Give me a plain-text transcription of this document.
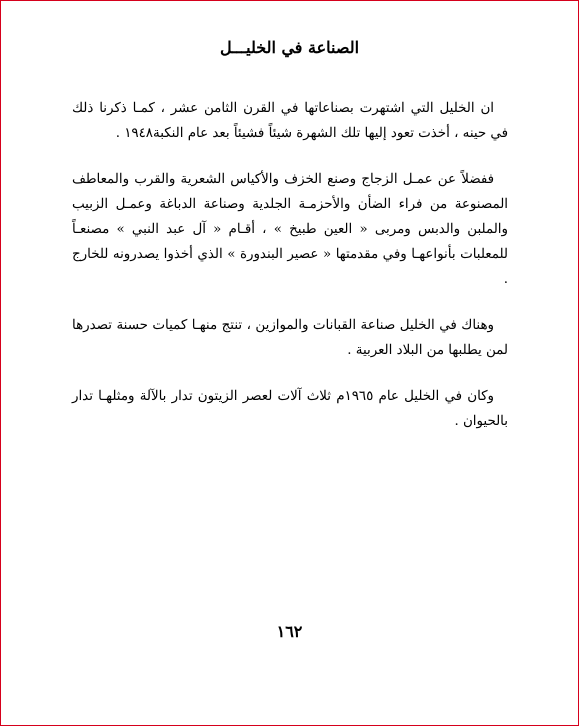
الصناعة في الخليـــل

ان الخليل التي اشتهرت بصناعاتها في القرن الثامن عشر ، كمـا ذكرنا ذلك في حينه ، أخذت تعود إليها تلك الشهرة شيئاً فشيئاً بعد عام النكبة١٩٤٨ .

ففضلاً عن عمـل الزجاج وصنع الخزف والأكياس الشعرية والقرب والمعاطف المصنوعة من فراء الضأن والأحزمـة الجلدية وصناعة الدباغة وعمـل الزبيب والملبن والدبس ومربى « العين طبيخ » ، أقـام « آل عبد النبي » مصنعـاً للمعلبات بأنواعهـا وفي مقدمتها « عصير البندورة » الذي أخذوا يصدرونه للخارج .

وهناك في الخليل صناعة القبانات والموازين ، تنتج منهـا كميات حسنة تصدرها لمن يطلبها من البلاد العربية .

وكان في الخليل عام ١٩٦٥م ثلاث آلات لعصر الزيتون تدار بالآلة ومثلهـا تدار بالحيوان .

١٦٢
